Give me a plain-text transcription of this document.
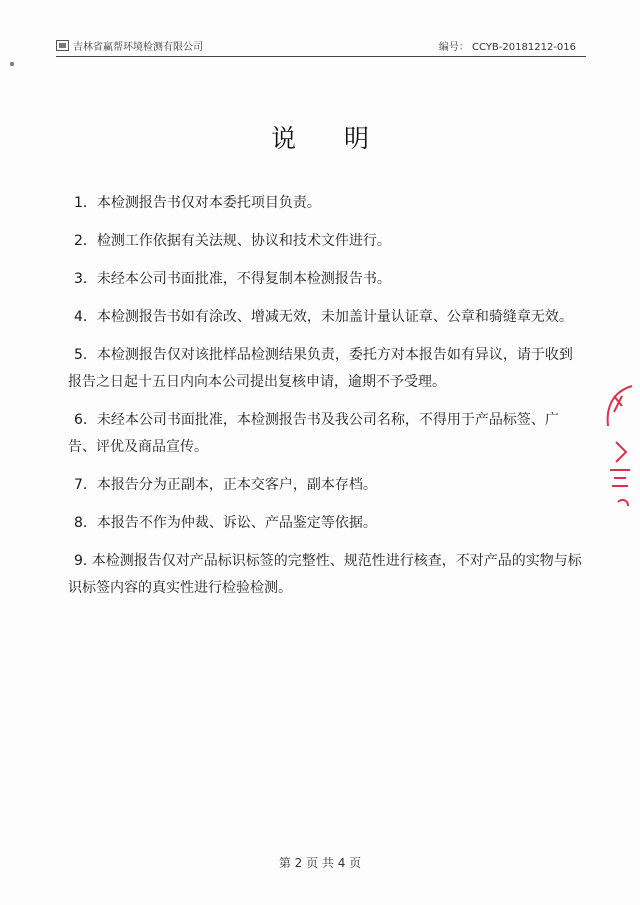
吉林省赢帮环境检测有限公司	编号： CCYB-20181212-016
说明

1．本检测报告书仅对本委托项目负责。

2．检测工作依据有关法规、协议和技术文件进行。

3．未经本公司书面批准，不得复制本检测报告书。

4．本检测报告书如有涂改、增减无效，未加盖计量认证章、公章和骑缝章无效。

5．本检测报告仅对该批样品检测结果负责，委托方对本报告如有异议，请于收到报告之日起十五日内向本公司提出复核申请，逾期不予受理。

6．未经本公司书面批准，本检测报告书及我公司名称，不得用于产品标签、广告、评优及商品宣传。

7．本报告分为正副本，正本交客户，副本存档。

8．本报告不作为仲裁、诉讼、产品鉴定等依据。

9. 本检测报告仅对产品标识标签的完整性、规范性进行核查，不对产品的实物与标识标签内容的真实性进行检验检测。

第 2 页 共 4 页
